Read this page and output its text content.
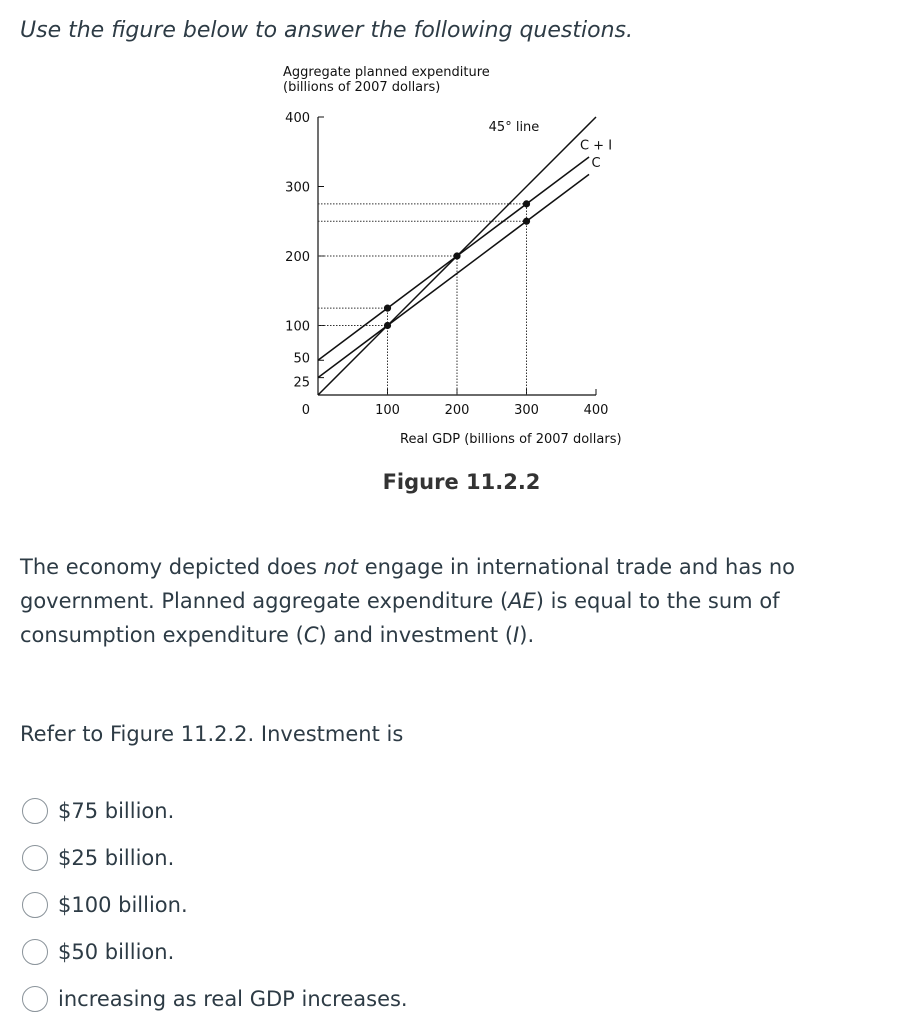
Use the figure below to answer the following questions.

Aggregate planned expenditure
(billions of 2007 dollars)
400
300
200
100
50
25
0	100	200	300	400
45° line
C + I
C
Real GDP (billions of 2007 dollars)
Figure 11.2.2

The economy depicted does not engage in international trade and has no government. Planned aggregate expenditure (AE) is equal to the sum of consumption expenditure (C) and investment (I).

Refer to Figure 11.2.2. Investment is

$75 billion.
$25 billion.
$100 billion.
$50 billion.
increasing as real GDP increases.
